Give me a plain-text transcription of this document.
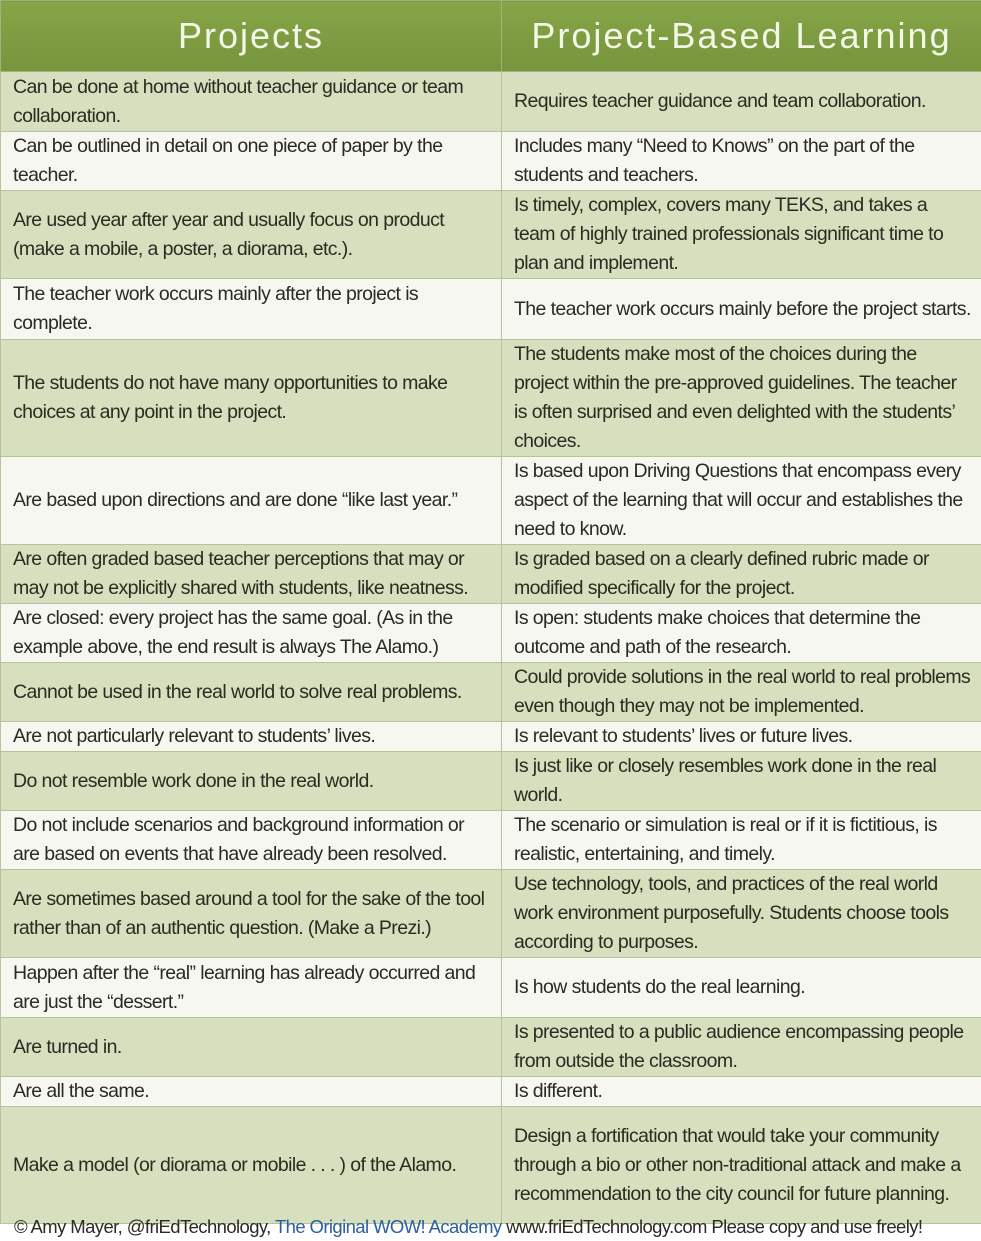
Projects	Project-Based Learning
Can be done at home without teacher guidance or team collaboration.	Requires teacher guidance and team collaboration.
Can be outlined in detail on one piece of paper by the teacher.	Includes many “Need to Knows” on the part of the students and teachers.
Are used year after year and usually focus on product (make a mobile, a poster, a diorama, etc.).	Is timely, complex, covers many TEKS, and takes a team of highly trained professionals significant time to plan and implement.
The teacher work occurs mainly after the project is complete.	The teacher work occurs mainly before the project starts.
The students do not have many opportunities to make choices at any point in the project.	The students make most of the choices during the project within the pre-approved guidelines. The teacher is often surprised and even delighted with the students’ choices.
Are based upon directions and are done “like last year.”	Is based upon Driving Questions that encompass every aspect of the learning that will occur and establishes the need to know.
Are often graded based teacher perceptions that may or may not be explicitly shared with students, like neatness.	Is graded based on a clearly defined rubric made or modified specifically for the project.
Are closed: every project has the same goal. (As in the example above, the end result is always The Alamo.)	Is open: students make choices that determine the outcome and path of the research.
Cannot be used in the real world to solve real problems.	Could provide solutions in the real world to real problems even though they may not be implemented.
Are not particularly relevant to students’ lives.	Is relevant to students’ lives or future lives.
Do not resemble work done in the real world.	Is just like or closely resembles work done in the real world.
Do not include scenarios and background information or are based on events that have already been resolved.	The scenario or simulation is real or if it is fictitious, is realistic, entertaining, and timely.
Are sometimes based around a tool for the sake of the tool rather than of an authentic question. (Make a Prezi.)	Use technology, tools, and practices of the real world work environment purposefully. Students choose tools according to purposes.
Happen after the “real” learning has already occurred and are just the “dessert.”	Is how students do the real learning.
Are turned in.	Is presented to a public audience encompassing people from outside the classroom.
Are all the same.	Is different.
Make a model (or diorama or mobile . . . ) of the Alamo.	Design a fortification that would take your community through a bio or other non-traditional attack and make a recommendation to the city council for future planning.
© Amy Mayer, @friEdTechnology, The Original WOW! Academy www.friEdTechnology.com Please copy and use freely!
